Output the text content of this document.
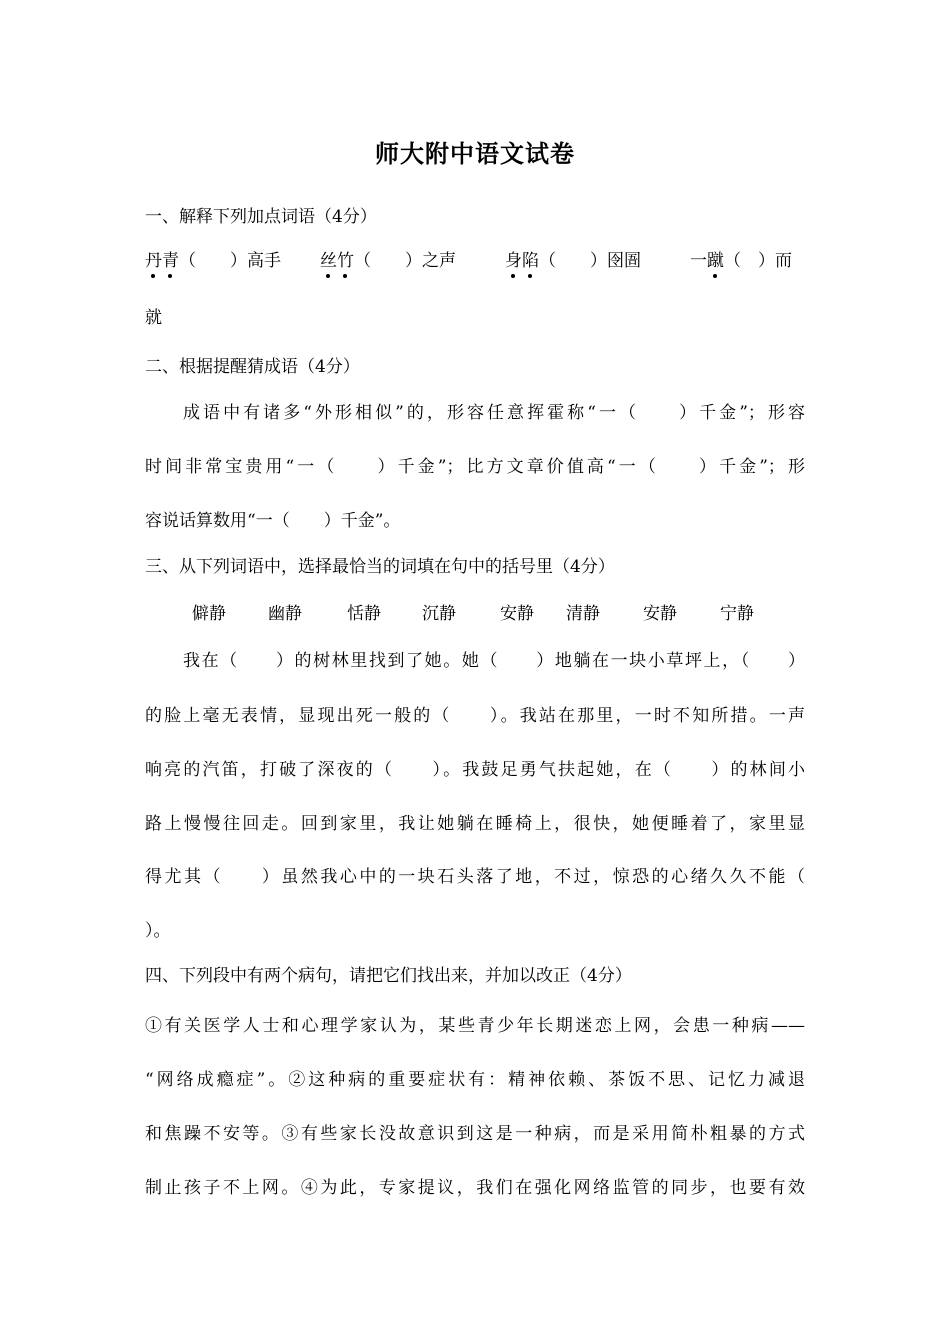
师大附中语文试卷
一、解释下列加点词语（4分）
丹青（　　）高手 丝竹（　　）之声	身陷（　　）囹圄	一蹴（　）而
就
二、根据提醒猜成语（4分）
成语中有诸多“外形相似”的，形容任意挥霍称“一（　　）千金”；形容
时间非常宝贵用“一（　　）千金”；比方文章价值高“一（　　）千金”；形
容说话算数用“一（　　）千金”。
三、从下列词语中，选择最恰当的词填在句中的括号里（4分）
僻静 幽静	恬静 沉静	安静 清静	安静	宁静
我在（　　）的树林里找到了她。她（　　）地躺在一块小草坪上，（　　）
的脸上毫无表情，显现出死一般的（　　）。我站在那里，一时不知所措。一声
响亮的汽笛，打破了深夜的（　　）。我鼓足勇气扶起她，在（　　）的林间小
路上慢慢往回走。回到家里，我让她躺在睡椅上，很快，她便睡着了，家里显
得尤其（　　）虽然我心中的一块石头落了地，不过，惊恐的心绪久久不能（
）。
四、下列段中有两个病句，请把它们找出来，并加以改正（4分）
①有关医学人士和心理学家认为，某些青少年长期迷恋上网，会患一种病——
“网络成瘾症”。②这种病的重要症状有：精神依赖、茶饭不思、记忆力减退
和焦躁不安等。③有些家长没故意识到这是一种病，而是采用简朴粗暴的方式
制止孩子不上网。④为此，专家提议，我们在强化网络监管的同步，也要有效
